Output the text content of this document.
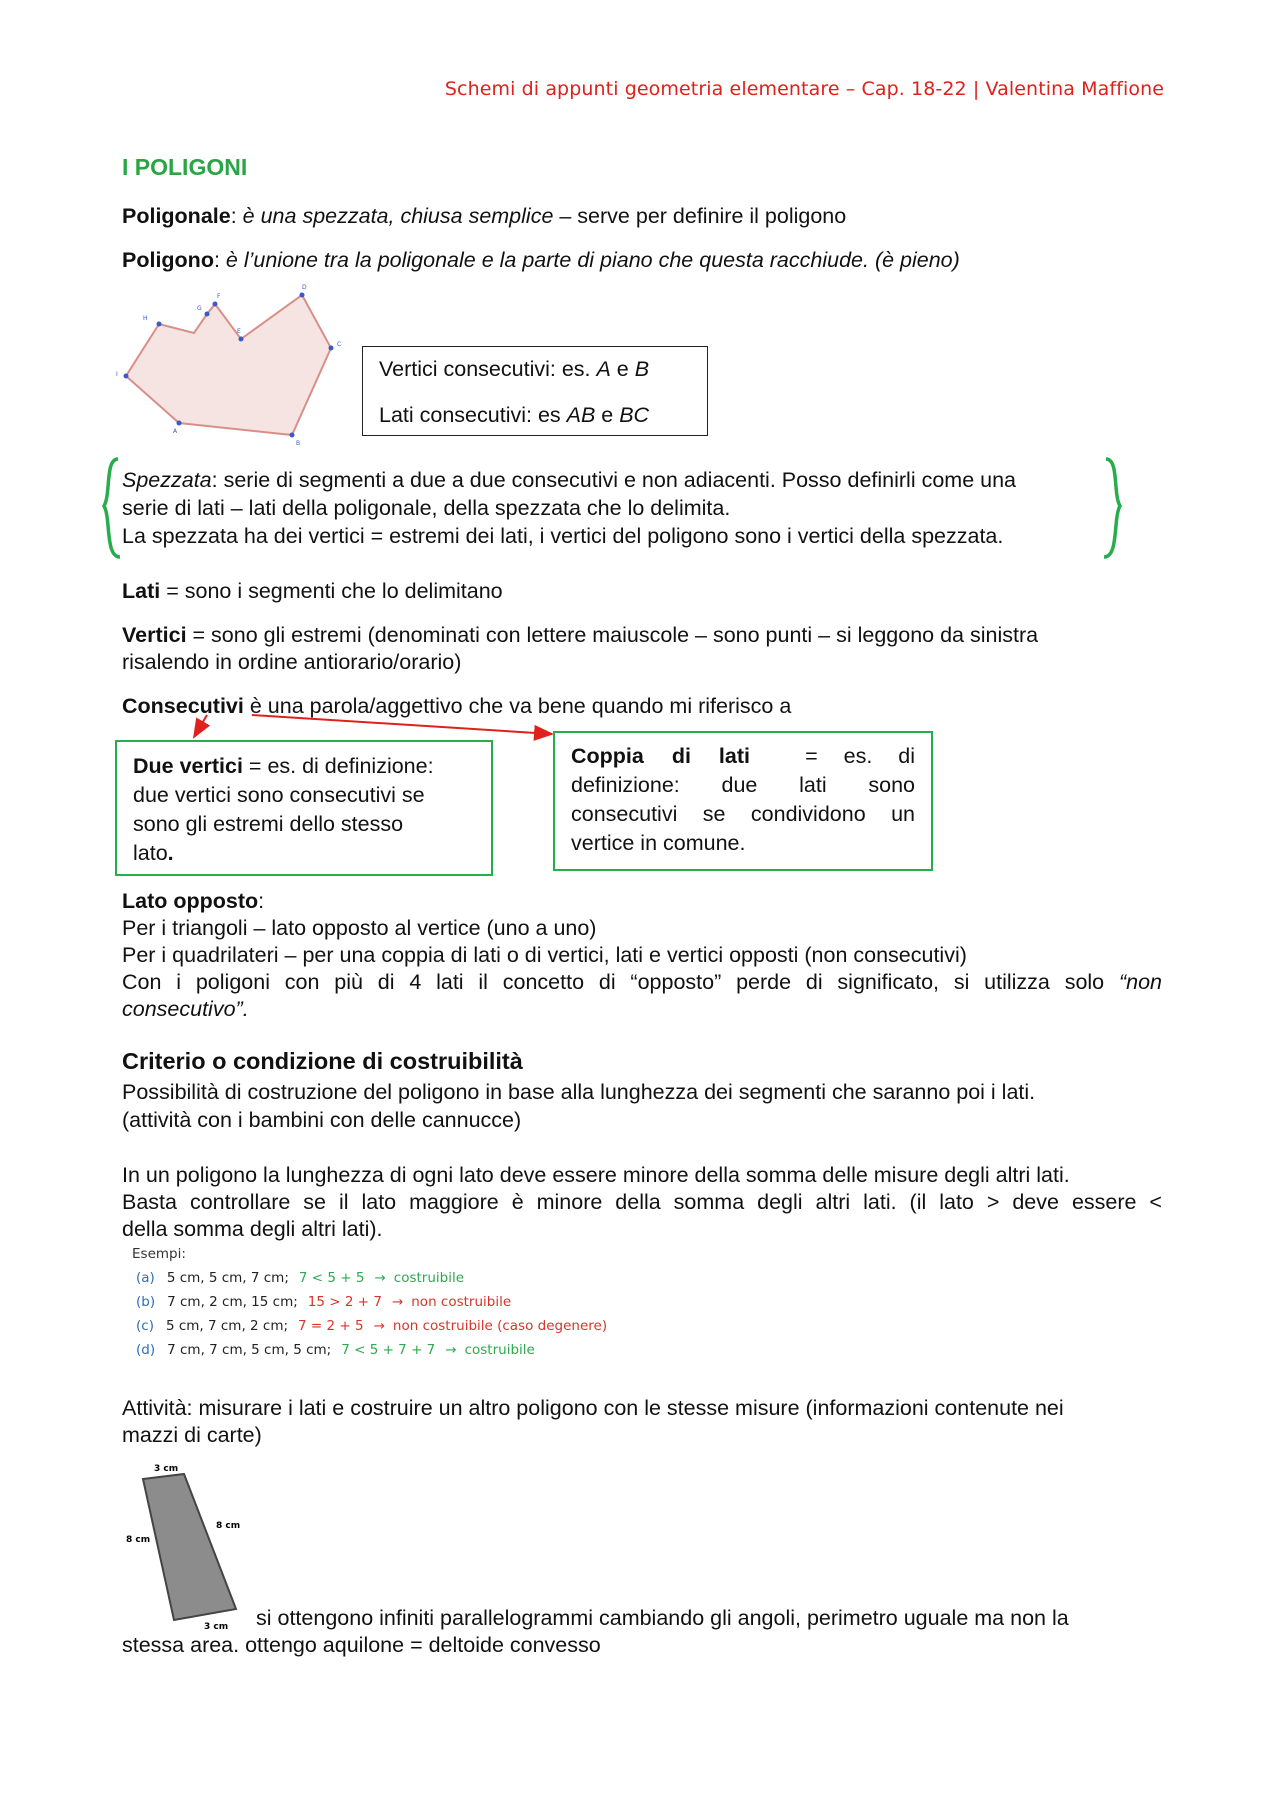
Schemi di appunti geometria elementare – Cap. 18-22 | Valentina Maffione
I POLIGONI
Poligonale: è una spezzata, chiusa semplice – serve per definire il poligono
Poligono: è l’unione tra la poligonale e la parte di piano che questa racchiude. (è pieno)
A
B
C
D
E
F
G
H
I	Vertici consecutivi: es. A e B
Lati consecutivi: es AB e BC
Spezzata: serie di segmenti a due a due consecutivi e non adiacenti. Posso definirli come una
serie di lati – lati della poligonale, della spezzata che lo delimita.
La spezzata ha dei vertici = estremi dei lati, i vertici del poligono sono i vertici della spezzata.
Lati = sono i segmenti che lo delimitano
Vertici = sono gli estremi (denominati con lettere maiuscole – sono punti – si leggono da sinistra
risalendo in ordine antiorario/orario)
Consecutivi è una parola/aggettivo che va bene quando mi riferisco a
Due vertici = es. di definizione:
due vertici sono consecutivi se
sono gli estremi dello stesso
lato.
Coppia di lati	= es. di
definizione: due lati sono
consecutivi se condividono un
vertice in comune.
Lato opposto:
Per i triangoli – lato opposto al vertice (uno a uno)
Per i quadrilateri – per una coppia di lati o di vertici, lati e vertici opposti (non consecutivi)
Con i poligoni con più di 4 lati il concetto di “opposto” perde di significato, si utilizza solo “non
consecutivo”.
Criterio o condizione di costruibilità
Possibilità di costruzione del poligono in base alla lunghezza dei segmenti che saranno poi i lati.
(attività con i bambini con delle cannucce)
In un poligono la lunghezza di ogni lato deve essere minore della somma delle misure degli altri lati.
Basta controllare se il lato maggiore è minore della somma degli altri lati. (il lato > deve essere <
della somma degli altri lati).
Esempi:
(a) 5 cm, 5 cm, 7 cm; 7 < 5 + 5 → costruibile
(b) 7 cm, 2 cm, 15 cm; 15 > 2 + 7 → non costruibile
(c) 5 cm, 7 cm, 2 cm; 7 = 2 + 5 → non costruibile (caso degenere)
(d) 7 cm, 7 cm, 5 cm, 5 cm; 7 < 5 + 7 + 7 → costruibile
Attività: misurare i lati e costruire un altro poligono con le stesse misure (informazioni contenute nei
mazzi di carte)
3 cm
8 cm
8 cm
3 cm si ottengono infiniti parallelogrammi cambiando gli angoli, perimetro uguale ma non la
stessa area. ottengo aquilone = deltoide convesso
